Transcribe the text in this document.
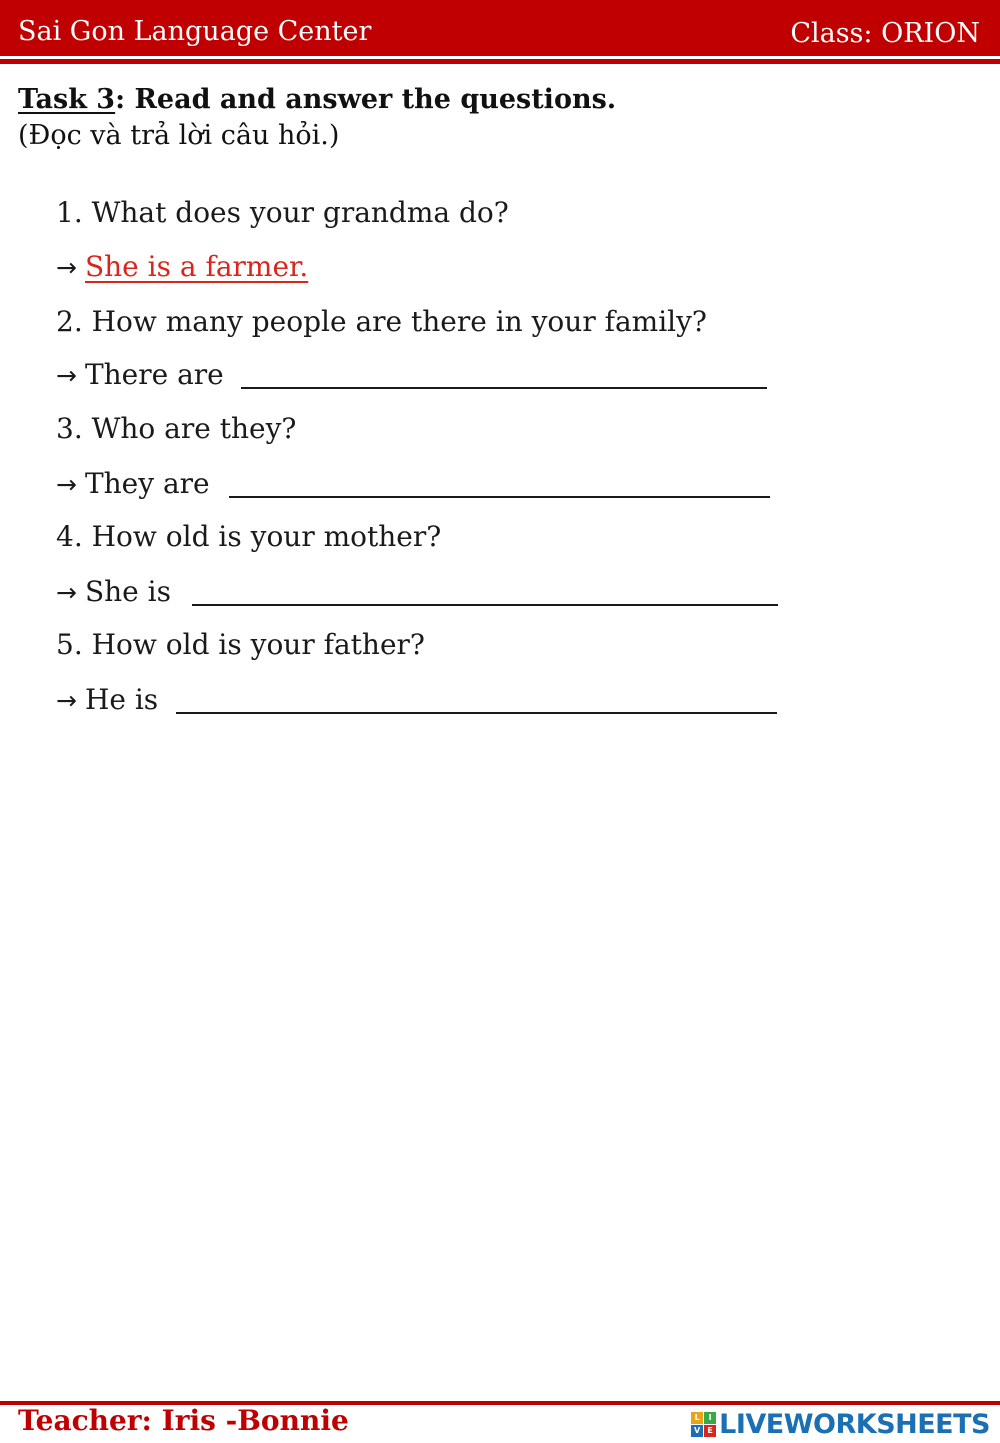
Sai Gon Language Center	Class: ORION
Task 3: Read and answer the questions.
(Đọc và trả lời câu hỏi.)
1. What does your grandma do?
→ She is a farmer.
2. How many people are there in your family?
→ There are
3. Who are they?
→ They are
4. How old is your mother?
→ She is
5. How old is your father?
→ He is
Teacher: Iris -Bonnie	L	I
V E LIVEWORKSHEETS
